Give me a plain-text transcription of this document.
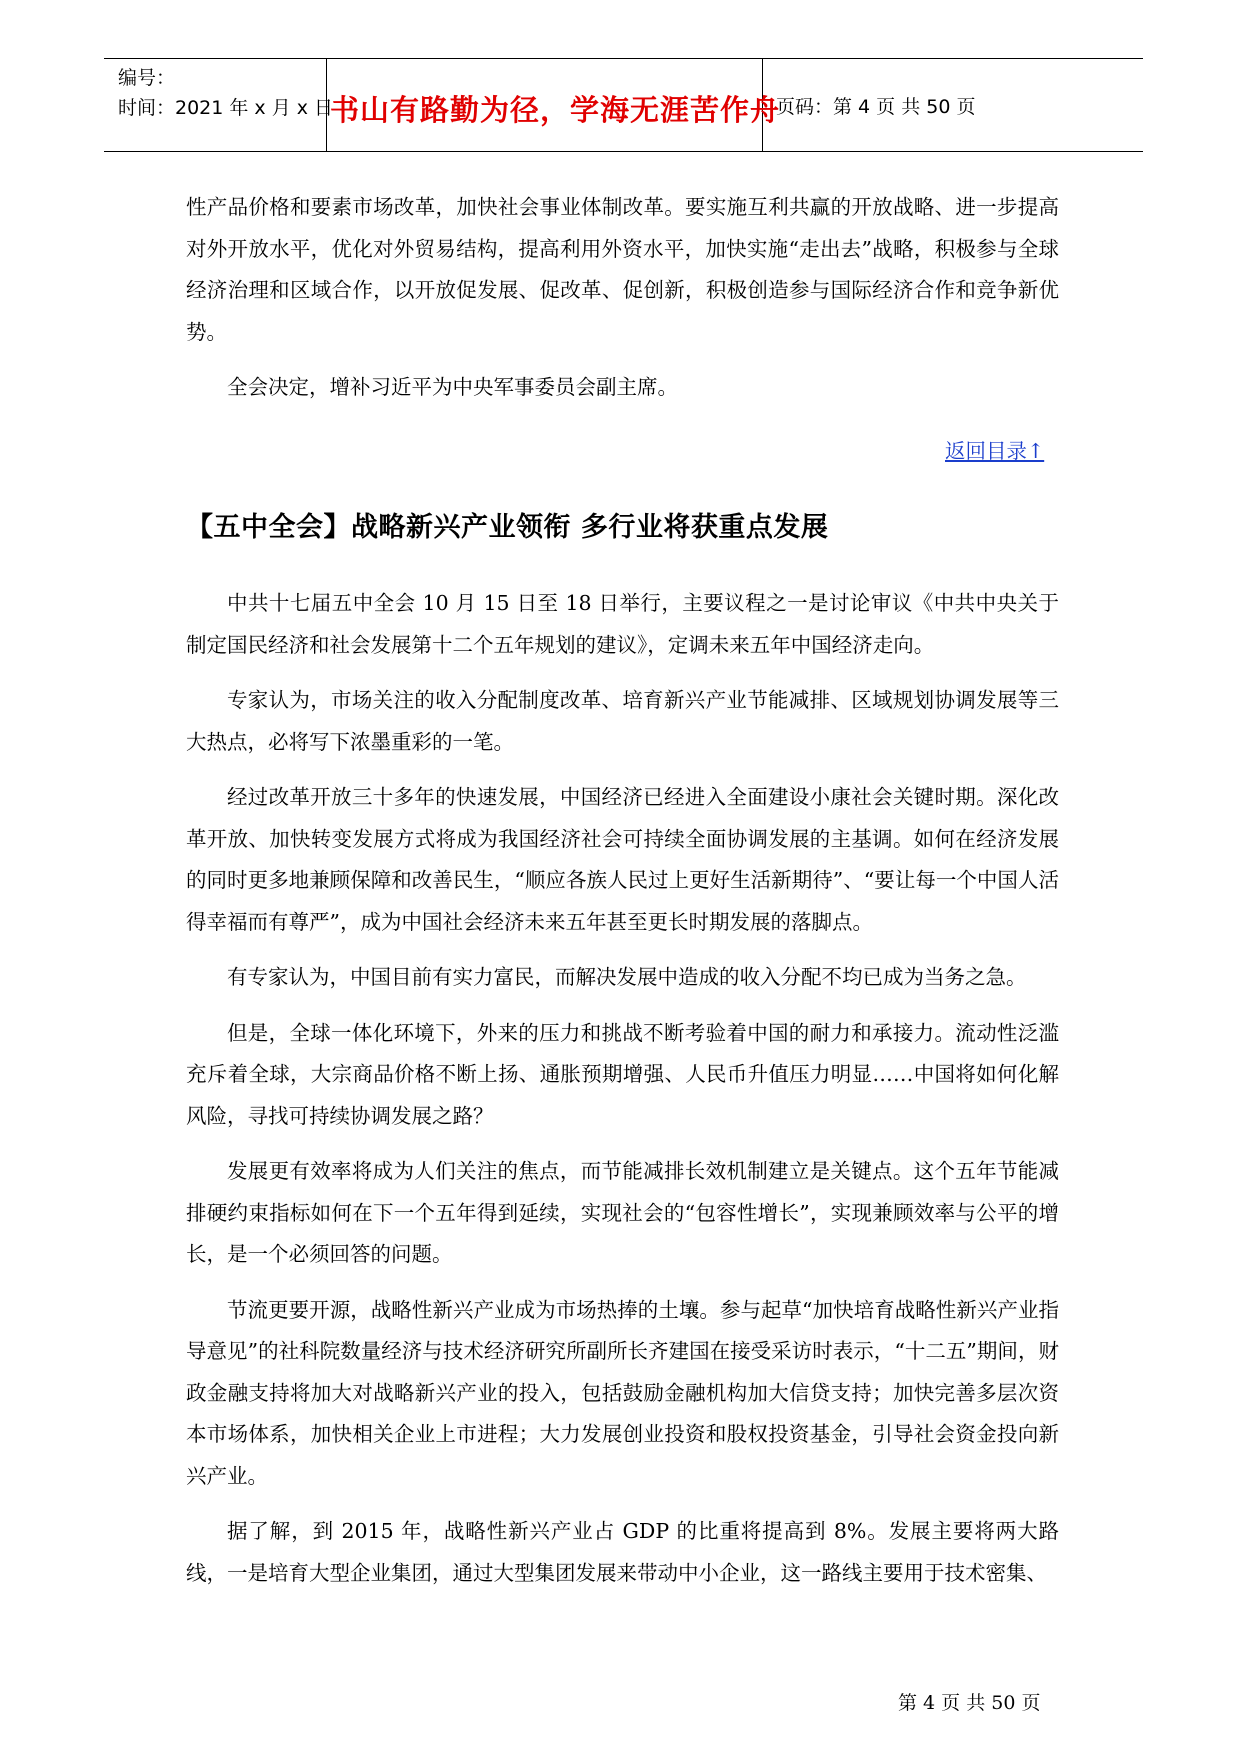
编号：
时间：2021 年 x 月 x 日
书山有路勤为径，学海无涯苦作舟
页码：第 4 页 共 50 页

性产品价格和要素市场改革，加快社会事业体制改革。要实施互利共赢的开放战略、进一步提高对外开放水平，优化对外贸易结构，提高利用外资水平，加快实施“走出去”战略，积极参与全球经济治理和区域合作，以开放促发展、促改革、促创新，积极创造参与国际经济合作和竞争新优势。

全会决定，增补习近平为中央军事委员会副主席。

返回目录↑
【五中全会】战略新兴产业领衔 多行业将获重点发展

中共十七届五中全会 10 月 15 日至 18 日举行，主要议程之一是讨论审议《中共中央关于制定国民经济和社会发展第十二个五年规划的建议》，定调未来五年中国经济走向。

专家认为，市场关注的收入分配制度改革、培育新兴产业节能减排、区域规划协调发展等三大热点，必将写下浓墨重彩的一笔。

经过改革开放三十多年的快速发展，中国经济已经进入全面建设小康社会关键时期。深化改革开放、加快转变发展方式将成为我国经济社会可持续全面协调发展的主基调。如何在经济发展的同时更多地兼顾保障和改善民生，“顺应各族人民过上更好生活新期待”、“要让每一个中国人活得幸福而有尊严”，成为中国社会经济未来五年甚至更长时期发展的落脚点。

有专家认为，中国目前有实力富民，而解决发展中造成的收入分配不均已成为当务之急。

但是，全球一体化环境下，外来的压力和挑战不断考验着中国的耐力和承接力。流动性泛滥充斥着全球，大宗商品价格不断上扬、通胀预期增强、人民币升值压力明显……中国将如何化解风险，寻找可持续协调发展之路？

发展更有效率将成为人们关注的焦点，而节能减排长效机制建立是关键点。这个五年节能减排硬约束指标如何在下一个五年得到延续，实现社会的“包容性增长”，实现兼顾效率与公平的增长，是一个必须回答的问题。

节流更要开源，战略性新兴产业成为市场热捧的土壤。参与起草“加快培育战略性新兴产业指导意见”的社科院数量经济与技术经济研究所副所长齐建国在接受采访时表示，“十二五”期间，财政金融支持将加大对战略新兴产业的投入，包括鼓励金融机构加大信贷支持；加快完善多层次资本市场体系，加快相关企业上市进程；大力发展创业投资和股权投资基金，引导社会资金投向新兴产业。

据了解，到 2015 年，战略性新兴产业占 GDP 的比重将提高到 8%。发展主要将两大路线，一是培育大型企业集团，通过大型集团发展来带动中小企业，这一路线主要用于技术密集、

第 4 页 共 50 页
